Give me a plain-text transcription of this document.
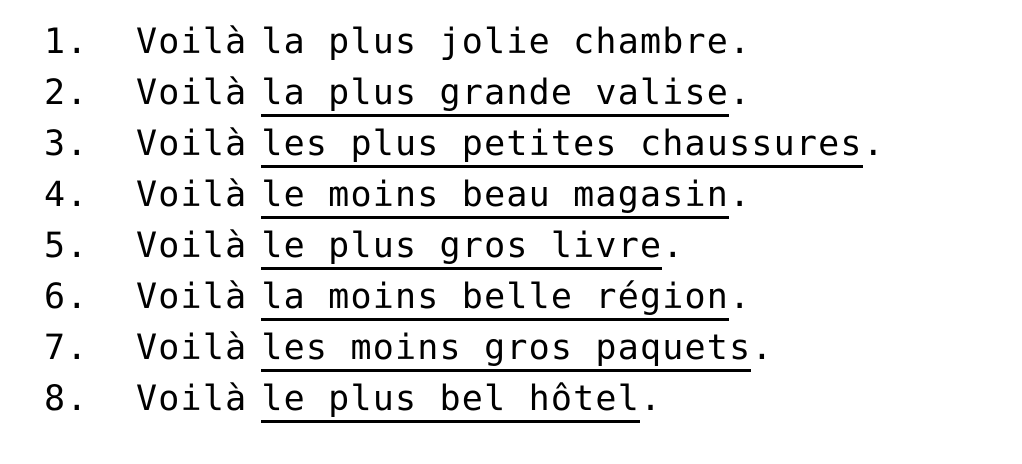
1.	Voilà la plus jolie chambre .
2.	Voilà la plus grande valise .
3.	Voilà les plus petites chaussures .
4.	Voilà le moins beau magasin .
5.	Voilà le plus gros livre .
6.	Voilà la moins belle région .
7.	Voilà les moins gros paquets .
8.	Voilà le plus bel hôtel .
